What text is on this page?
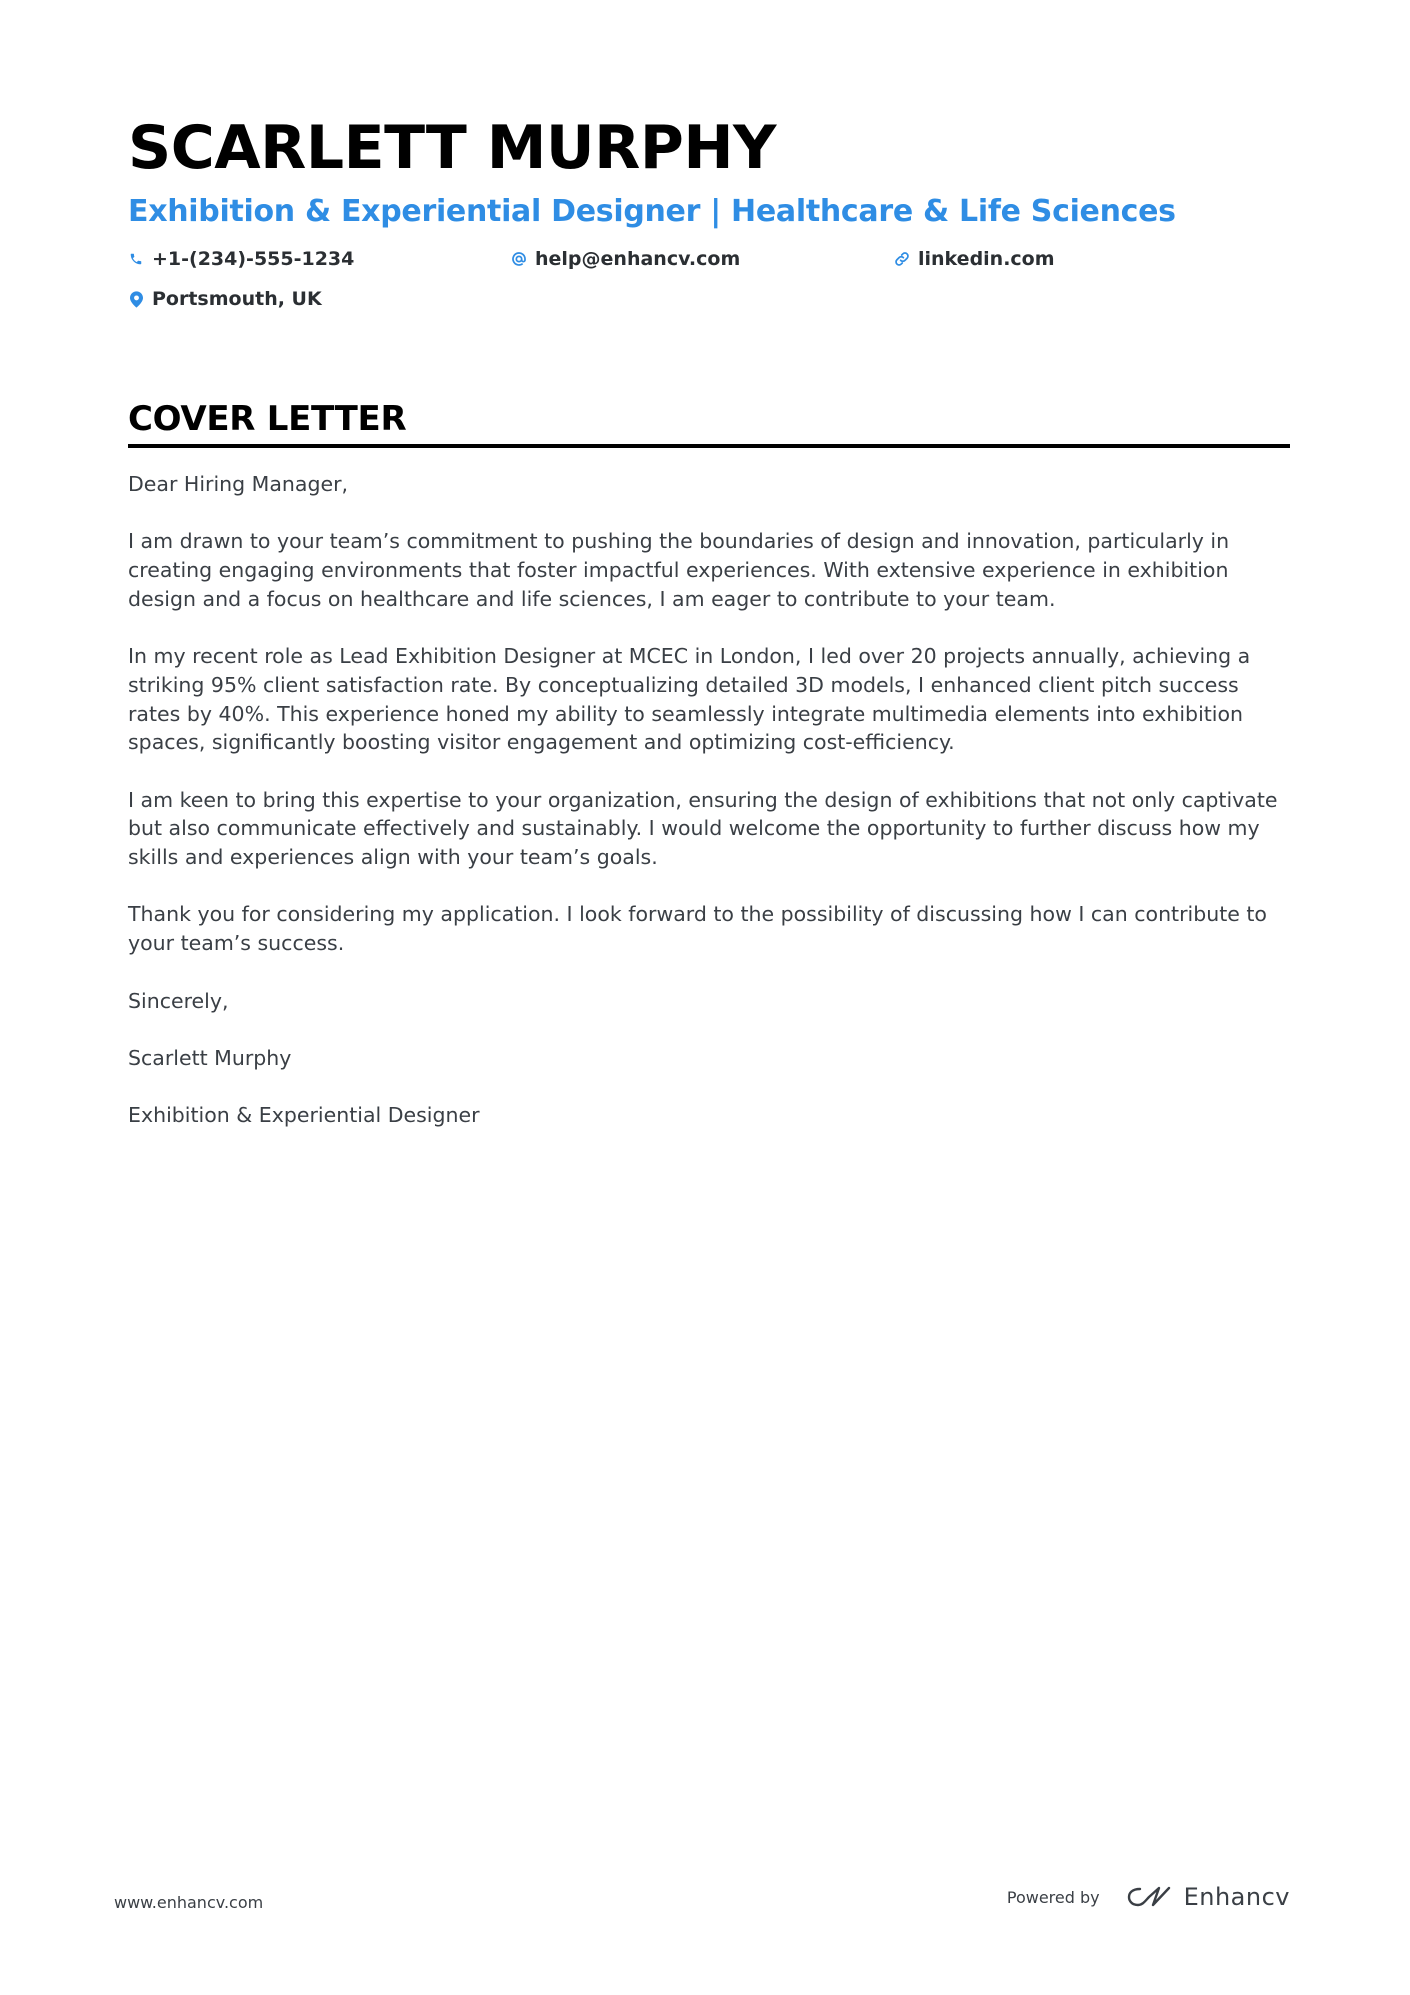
SCARLETT MURPHY
Exhibition & Experiential Designer | Healthcare & Life Sciences
+1-(234)-555-1234	help@enhancv.com	linkedin.com
Portsmouth, UK
COVER LETTER

Dear Hiring Manager,

I am drawn to your team’s commitment to pushing the boundaries of design and innovation, particularly in creating engaging environments that foster impactful experiences. With extensive experience in exhibition design and a focus on healthcare and life sciences, I am eager to contribute to your team.

In my recent role as Lead Exhibition Designer at MCEC in London, I led over 20 projects annually, achieving a striking 95% client satisfaction rate. By conceptualizing detailed 3D models, I enhanced client pitch success rates by 40%. This experience honed my ability to seamlessly integrate multimedia elements into exhibition spaces, significantly boosting visitor engagement and optimizing cost-efficiency.

I am keen to bring this expertise to your organization, ensuring the design of exhibitions that not only captivate but also communicate effectively and sustainably. I would welcome the opportunity to further discuss how my skills and experiences align with your team’s goals.

Thank you for considering my application. I look forward to the possibility of discussing how I can contribute to your team’s success.

Sincerely,

Scarlett Murphy

Exhibition & Experiential Designer

www.enhancv.com	Powered by	Enhancv
